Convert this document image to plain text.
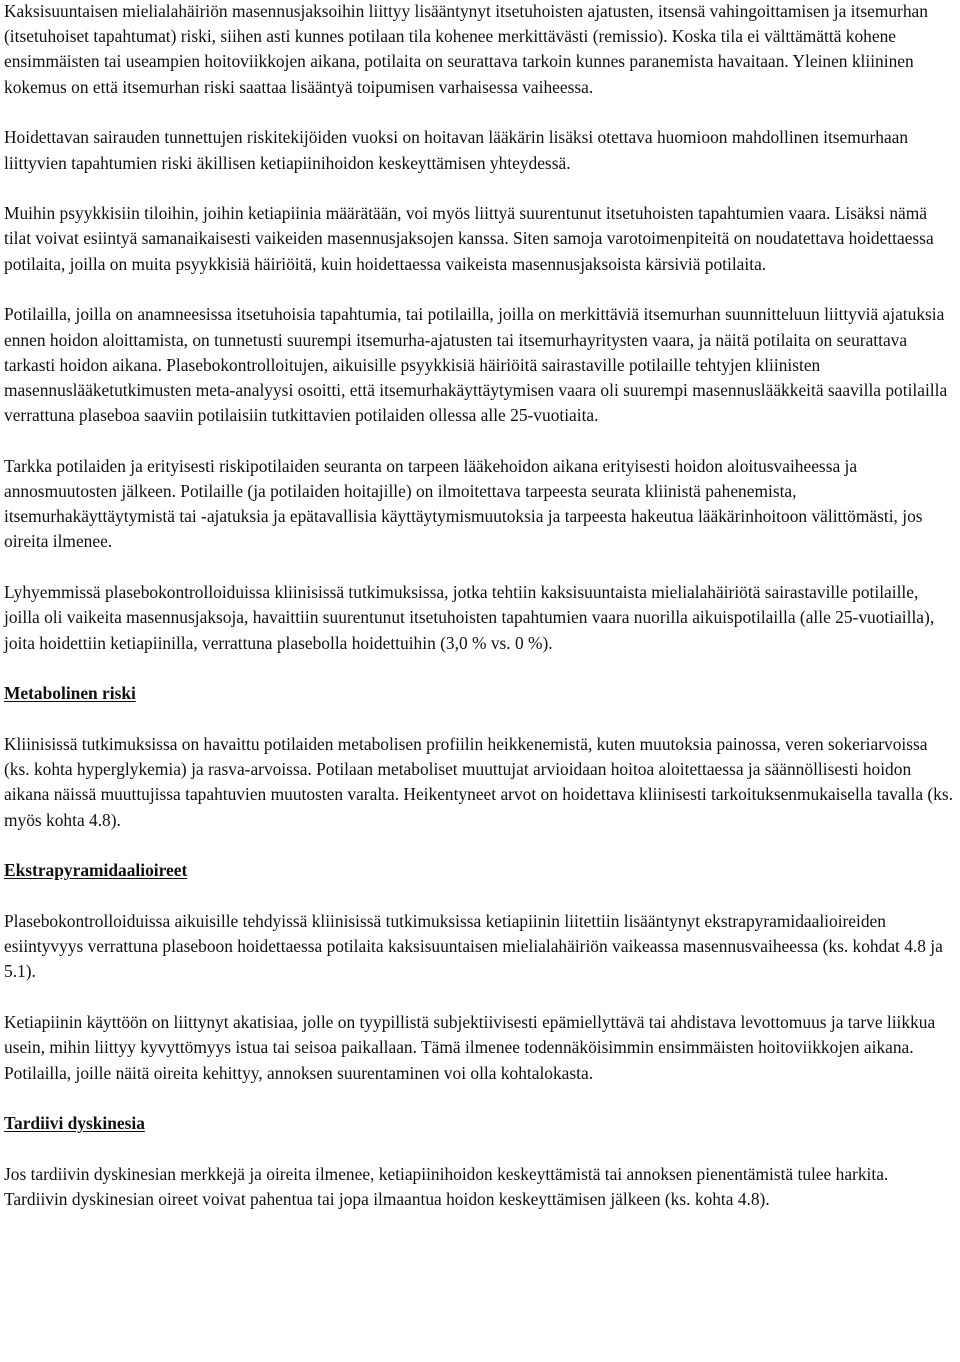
Kaksisuuntaisen mielialahäiriön masennusjaksoihin liittyy lisääntynyt itsetuhoisten ajatusten, itsensä vahingoittamisen ja itsemurhan (itsetuhoiset tapahtumat) riski, siihen asti kunnes potilaan tila kohenee merkittävästi (remissio). Koska tila ei välttämättä kohene ensimmäisten tai useampien hoitoviikkojen aikana, potilaita on seurattava tarkoin kunnes paranemista havaitaan. Yleinen kliininen kokemus on että itsemurhan riski saattaa lisääntyä toipumisen varhaisessa vaiheessa.

Hoidettavan sairauden tunnettujen riskitekijöiden vuoksi on hoitavan lääkärin lisäksi otettava huomioon mahdollinen itsemurhaan liittyvien tapahtumien riski äkillisen ketiapiinihoidon keskeyttämisen yhteydessä.

Muihin psyykkisiin tiloihin, joihin ketiapiinia määrätään, voi myös liittyä suurentunut itsetuhoisten tapahtumien vaara. Lisäksi nämä tilat voivat esiintyä samanaikaisesti vaikeiden masennusjaksojen kanssa. Siten samoja varotoimenpiteitä on noudatettava hoidettaessa potilaita, joilla on muita psyykkisiä häiriöitä, kuin hoidettaessa vaikeista masennusjaksoista kärsiviä potilaita.

Potilailla, joilla on anamneesissa itsetuhoisia tapahtumia, tai potilailla, joilla on merkittäviä itsemurhan suunnitteluun liittyviä ajatuksia ennen hoidon aloittamista, on tunnetusti suurempi itsemurha-ajatusten tai itsemurhayritysten vaara, ja näitä potilaita on seurattava tarkasti hoidon aikana. Plasebokontrolloitujen, aikuisille psyykkisiä häiriöitä sairastaville potilaille tehtyjen kliinisten masennuslääketutkimusten meta-analyysi osoitti, että itsemurhakäyttäytymisen vaara oli suurempi masennuslääkkeitä saavilla potilailla verrattuna plaseboa saaviin potilaisiin tutkittavien potilaiden ollessa alle 25-vuotiaita.

Tarkka potilaiden ja erityisesti riskipotilaiden seuranta on tarpeen lääkehoidon aikana erityisesti hoidon aloitusvaiheessa ja annosmuutosten jälkeen. Potilaille (ja potilaiden hoitajille) on ilmoitettava tarpeesta seurata kliinistä pahenemista, itsemurhakäyttäytymistä tai -ajatuksia ja epätavallisia käyttäytymismuutoksia ja tarpeesta hakeutua lääkärinhoitoon välittömästi, jos oireita ilmenee.

Lyhyemmissä plasebokontrolloiduissa kliinisissä tutkimuksissa, jotka tehtiin kaksisuuntaista mielialahäiriötä sairastaville potilaille, joilla oli vaikeita masennusjaksoja, havaittiin suurentunut itsetuhoisten tapahtumien vaara nuorilla aikuispotilailla (alle 25-vuotiailla), joita hoidettiin ketiapiinilla, verrattuna plasebolla hoidettuihin (3,0 % vs. 0 %).

Metabolinen riski

Kliinisissä tutkimuksissa on havaittu potilaiden metabolisen profiilin heikkenemistä, kuten muutoksia painossa, veren sokeriarvoissa (ks. kohta hyperglykemia) ja rasva-arvoissa. Potilaan metaboliset muuttujat arvioidaan hoitoa aloitettaessa ja säännöllisesti hoidon aikana näissä muuttujissa tapahtuvien muutosten varalta. Heikentyneet arvot on hoidettava kliinisesti tarkoituksenmukaisella tavalla (ks. myös kohta 4.8).

Ekstrapyramidaalioireet

Plasebokontrolloiduissa aikuisille tehdyissä kliinisissä tutkimuksissa ketiapiinin liitettiin lisääntynyt ekstrapyramidaalioireiden esiintyvyys verrattuna plaseboon hoidettaessa potilaita kaksisuuntaisen mielialahäiriön vaikeassa masennusvaiheessa (ks. kohdat 4.8 ja 5.1).

Ketiapiinin käyttöön on liittynyt akatisiaa, jolle on tyypillistä subjektiivisesti epämiellyttävä tai ahdistava levottomuus ja tarve liikkua usein, mihin liittyy kyvyttömyys istua tai seisoa paikallaan. Tämä ilmenee todennäköisimmin ensimmäisten hoitoviikkojen aikana. Potilailla, joille näitä oireita kehittyy, annoksen suurentaminen voi olla kohtalokasta.

Tardiivi dyskinesia

Jos tardiivin dyskinesian merkkejä ja oireita ilmenee, ketiapiinihoidon keskeyttämistä tai annoksen pienentämistä tulee harkita. Tardiivin dyskinesian oireet voivat pahentua tai jopa ilmaantua hoidon keskeyttämisen jälkeen (ks. kohta 4.8).
